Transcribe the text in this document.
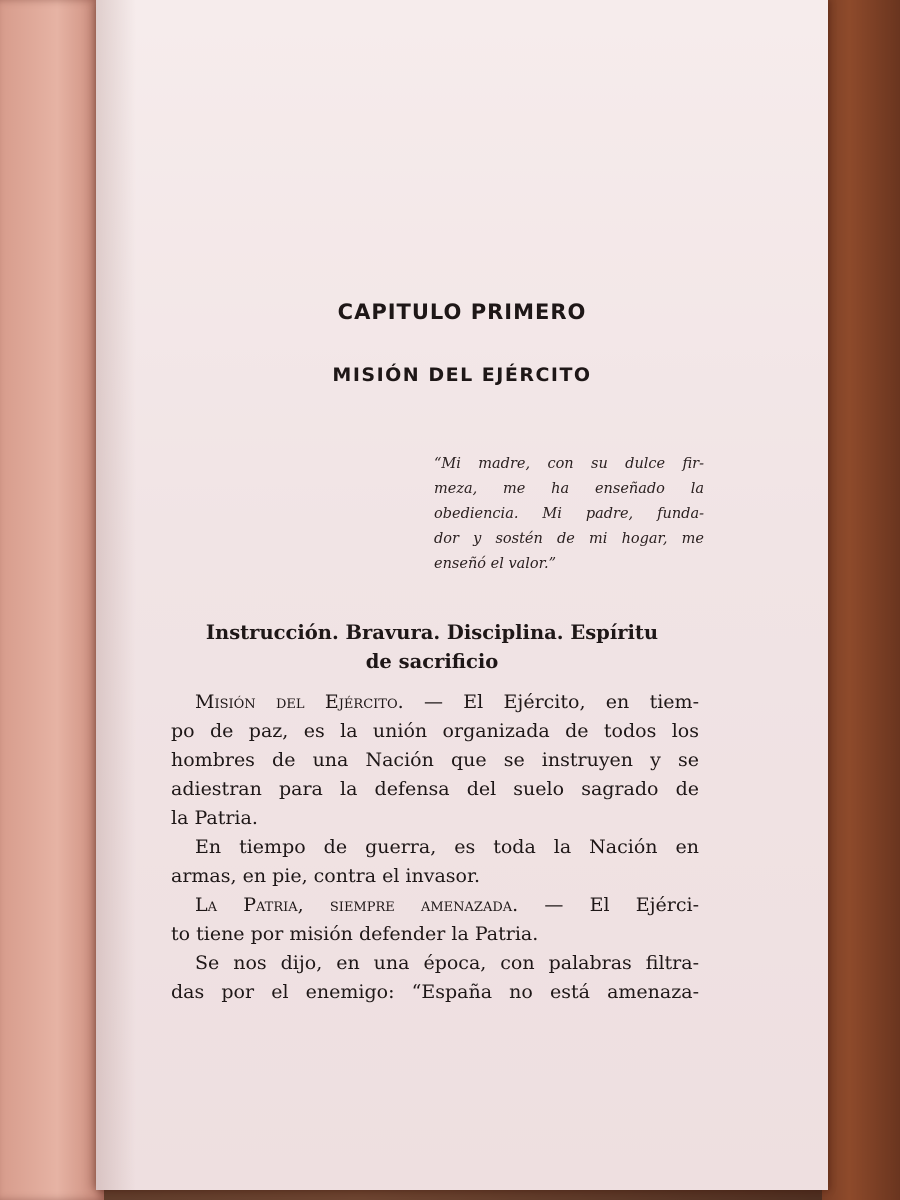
CAPITULO PRIMERO
MISIÓN DEL EJÉRCITO
“Mi madre, con su dulce fir-
meza, me ha enseñado la
obediencia. Mi padre, funda-
dor y sostén de mi hogar, me
enseñó el valor.”
Instrucción. Bravura. Disciplina. Espíritu
de sacrificio
Misión del Ejército. — El Ejército, en tiem-
po de paz, es la unión organizada de todos los
hombres de una Nación que se instruyen y se
adiestran para la defensa del suelo sagrado de
la Patria.
En tiempo de guerra, es toda la Nación en
armas, en pie, contra el invasor.
La Patria, siempre amenazada. — El Ejérci-
to tiene por misión defender la Patria.
Se nos dijo, en una época, con palabras filtra-
das por el enemigo: “España no está amenaza-
